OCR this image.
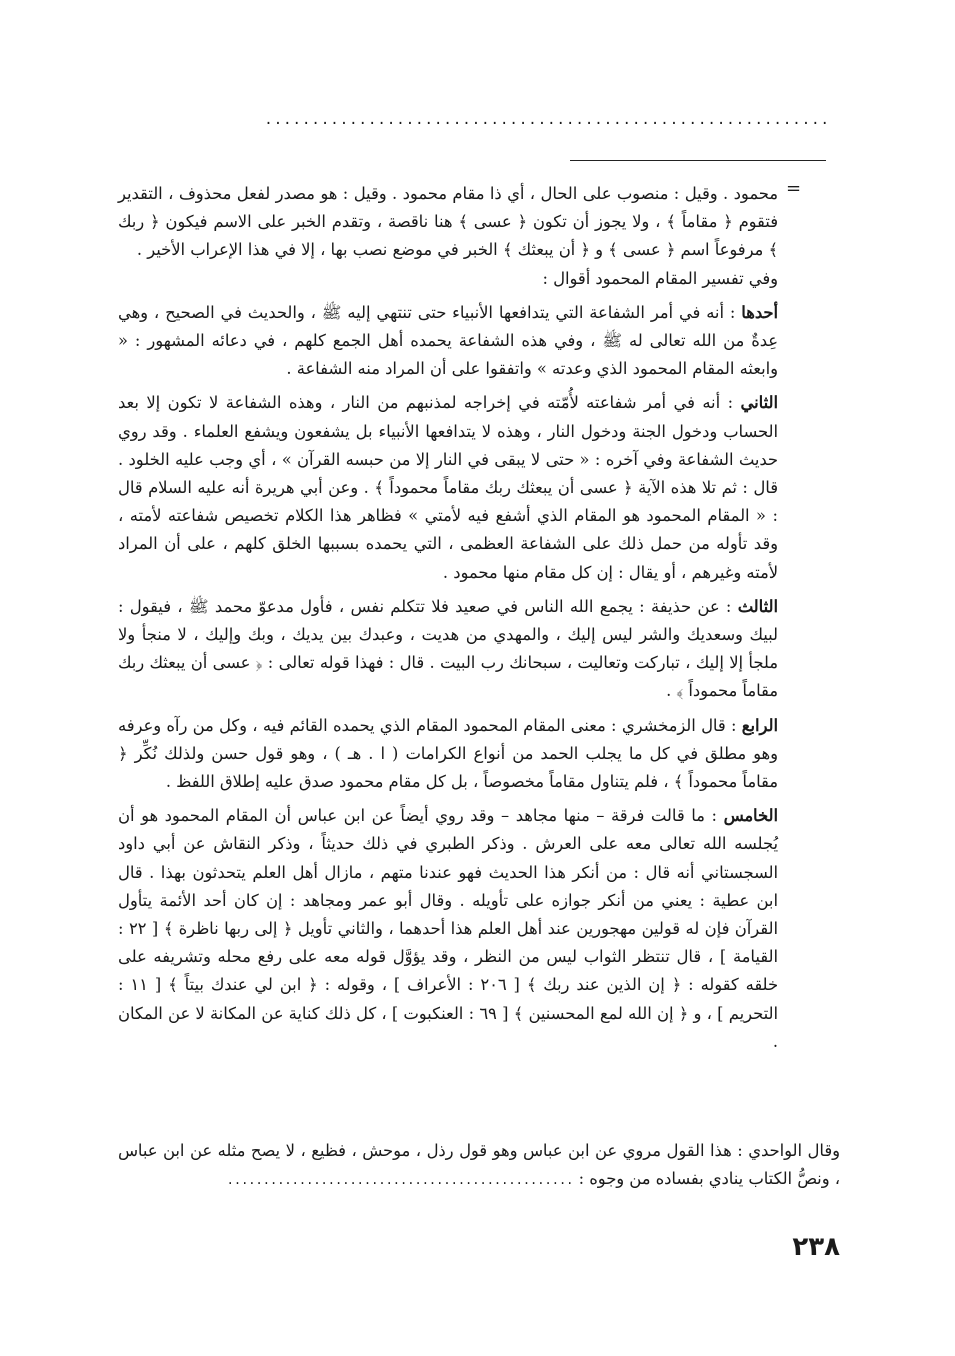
............................................................
=

محمود . وقيل : منصوب على الحال ، أي ذا مقام محمود . وقيل : هو مصدر لفعل محذوف ، التقدير فتقوم ﴿ مقاماً ﴾ ، ولا يجوز أن تكون ﴿ عسى ﴾ هنا ناقصة ، وتقدم الخبر على الاسم فيكون ﴿ ربك ﴾ مرفوعاً اسم ﴿ عسى ﴾ و ﴿ أن يبعثك ﴾ الخبر في موضع نصب بها ، إلا في هذا الإعراب الأخير .

وفي تفسير المقام المحمود أقوال :

أحدها : أنه في أمر الشفاعة التي يتدافعها الأنبياء حتى تنتهي إليه ﷺ ، والحديث في الصحيح ، وهي عِدةٌ من الله تعالى له ﷺ ، وفي هذه الشفاعة يحمده أهل الجمع كلهم ، في دعائه المشهور : « وابعثه المقام المحمود الذي وعدته » واتفقوا على أن المراد منه الشفاعة .

الثاني : أنه في أمر شفاعته لأُمّته في إخراجه لمذنبهم من النار ، وهذه الشفاعة لا تكون إلا بعد الحساب ودخول الجنة ودخول النار ، وهذه لا يتدافعها الأنبياء بل يشفعون ويشفع العلماء . وقد روي حديث الشفاعة وفي آخره : « حتى لا يبقى في النار إلا من حبسه القرآن » ، أي وجب عليه الخلود . قال : ثم تلا هذه الآية ﴿ عسى أن يبعثك ربك مقاماً محموداً ﴾ . وعن أبي هريرة أنه عليه السلام قال : « المقام المحمود هو المقام الذي أشفع فيه لأمتي » فظاهر هذا الكلام تخصيص شفاعته لأمته ، وقد تأوله من حمل ذلك على الشفاعة العظمى ، التي يحمده بسببها الخلق كلهم ، على أن المراد لأمته وغيرهم ، أو يقال : إن كل مقام منها محمود .

الثالث : عن حذيفة : يجمع الله الناس في صعيد فلا تتكلم نفس ، فأول مدعوّ محمد ﷺ ، فيقول : لبيك وسعديك والشر ليس إليك ، والمهدي من هديت ، وعبدك بين يديك ، وبك وإليك ، لا منجأ ولا ملجأ إلا إليك ، تباركت وتعاليت ، سبحانك رب البيت . قال : فهذا قوله تعالى : ﴿ عسى أن يبعثك ربك مقاماً محموداً ﴾ .

الرابع : قال الزمخشري : معنى المقام المحمود المقام الذي يحمده القائم فيه ، وكل من رآه وعرفه وهو مطلق في كل ما يجلب الحمد من أنواع الكرامات ( ا . هـ ) ، وهو قول حسن ولذلك نُكِّر ﴿ مقاماً محموداً ﴾ ، فلم يتناول مقاماً مخصوصاً ، بل كل مقام محمود صدق عليه إطلاق اللفظ .

الخامس : ما قالت فرقة – منها مجاهد – وقد روي أيضاً عن ابن عباس أن المقام المحمود هو أن يُجلسه الله تعالى معه على العرش . وذكر الطبري في ذلك حديثاً ، وذكر النقاش عن أبي داود السجستاني أنه قال : من أنكر هذا الحديث فهو عندنا متهم ، مازال أهل العلم يتحدثون بهذا . قال ابن عطية : يعني من أنكر جوازه على تأويله . وقال أبو عمر ومجاهد : إن كان أحد الأئمة يتأول القرآن فإن له قولين مهجورين عند أهل العلم هذا أحدهما ، والثاني تأويل ﴿ إلى ربها ناظرة ﴾ [ ٢٢ : القيامة ] ، قال تنتظر الثواب ليس من النظر ، وقد يؤوَّل قوله معه على رفع محله وتشريفه على خلقه كقوله : ﴿ إن الذين عند ربك ﴾ [ ٢٠٦ : الأعراف ] ، وقوله : ﴿ ابن لي عندك بيتاً ﴾ [ ١١ : التحريم ] ، و ﴿ إن الله لمع المحسنين ﴾ [ ٦٩ : العنكبوت ] ، كل ذلك كناية عن المكانة لا عن المكان .

وقال الواحدي : هذا القول مروي عن ابن عباس وهو قول رذل ، موحش ، فظيع ، لا يصح مثله عن ابن عباس ، ونصُّ الكتاب ينادي بفساده من وجوه : ................................................

٢٣٨
